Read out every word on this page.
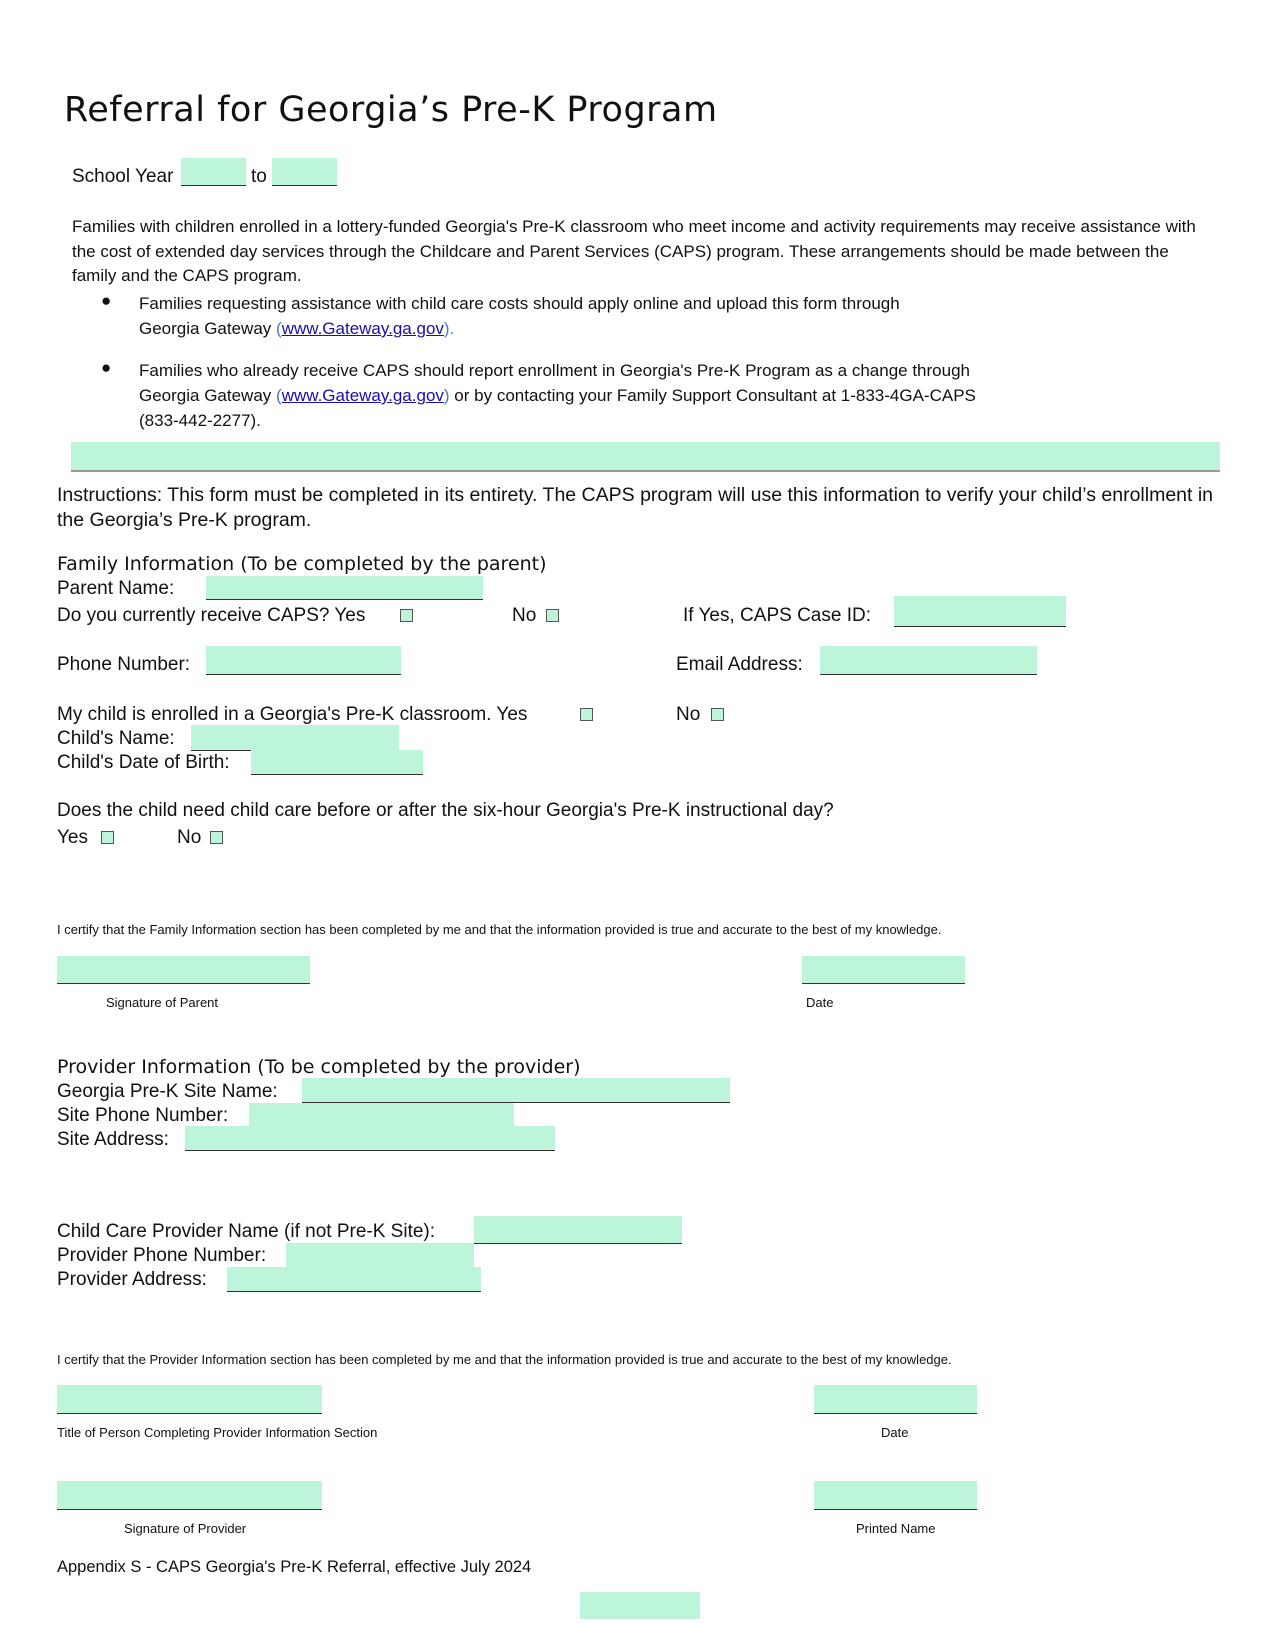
Referral for Georgia’s Pre-K Program
School Year	to
Families with children enrolled in a lottery-funded Georgia's Pre-K classroom who meet income and activity requirements may receive assistance with the cost of extended day services through the Childcare and Parent Services (CAPS) program. These arrangements should be made between the family and the CAPS program.
● Families requesting assistance with child care costs should apply online and upload this form through
Georgia Gateway (www.Gateway.ga.gov).
● Families who already receive CAPS should report enrollment in Georgia's Pre-K Program as a change through
Georgia Gateway (www.Gateway.ga.gov) or by contacting your Family Support Consultant at 1-833-4GA-CAPS
(833-442-2277).
Instructions: This form must be completed in its entirety. The CAPS program will use this information to verify your child’s enrollment in the Georgia’s Pre-K program.
Family Information (To be completed by the parent)
Parent Name:
Do you currently receive CAPS? Yes	No	If Yes, CAPS Case ID:
Phone Number:	Email Address:
My child is enrolled in a Georgia's Pre-K classroom. Yes	No
Child's Name:
Child's Date of Birth:
Does the child need child care before or after the six-hour Georgia's Pre-K instructional day?
Yes	No
I certify that the Family Information section has been completed by me and that the information provided is true and accurate to the best of my knowledge.
Signature of Parent	Date
Provider Information (To be completed by the provider)
Georgia Pre-K Site Name:
Site Phone Number:
Site Address:
Child Care Provider Name (if not Pre-K Site):
Provider Phone Number:
Provider Address:
I certify that the Provider Information section has been completed by me and that the information provided is true and accurate to the best of my knowledge.
Title of Person Completing Provider Information Section	Date
Signature of Provider	Printed Name
Appendix S - CAPS Georgia's Pre-K Referral, effective July 2024
